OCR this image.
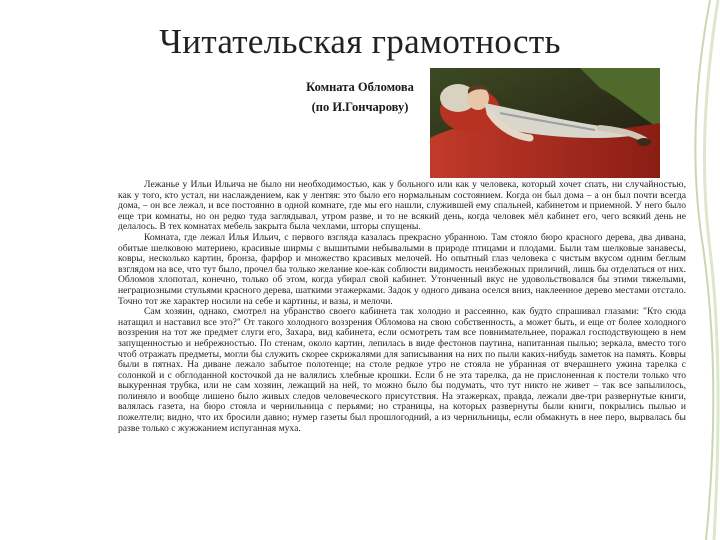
Читательская грамотность
Комната Обломова
(по И.Гончарову)

Лежанье у Ильи Ильича не было ни необходимостью, как у больного или как у человека, который хочет спать, ни случайностью, как у того, кто устал, ни наслаждением, как у лентяя: это было его нормальным состоянием. Когда он был дома – а он был почти всегда дома, – он все лежал, и все постоянно в одной комнате, где мы его нашли, служившей ему спальней, кабинетом и приемной. У него было еще три комнаты, но он редко туда заглядывал, утром разве, и то не всякий день, когда человек мёл кабинет его, чего всякий день не делалось. В тех комнатах мебель закрыта была чехлами, шторы спущены.

Комната, где лежал Илья Ильич, с первого взгляда казалась прекрасно убранною. Там стояло бюро красного дерева, два дивана, обитые шелковою материею, красивые ширмы с вышитыми небывалыми в природе птицами и плодами. Были там шелковые занавесы, ковры, несколько картин, бронза, фарфор и множество красивых мелочей. Но опытный глаз человека с чистым вкусом одним беглым взглядом на все, что тут было, прочел бы только желание кое-как соблюсти видимость неизбежных приличий, лишь бы отделаться от них. Обломов хлопотал, конечно, только об этом, когда убирал свой кабинет. Утонченный вкус не удовольствовался бы этими тяжелыми, неграциозными стульями красного дерева, шаткими этажерками. Задок у одного дивана оселся вниз, наклеенное дерево местами отстало. Точно тот же характер носили на себе и картины, и вазы, и мелочи.

Сам хозяин, однако, смотрел на убранство своего кабинета так холодно и рассеянно, как будто спрашивал глазами: "Кто сюда натащил и наставил все это?" От такого холодного воззрения Обломова на свою собственность, а может быть, и еще от более холодного воззрения на тот же предмет слуги его, Захара, вид кабинета, если осмотреть там все повнимательнее, поражал господствующею в нем запущенностью и небрежностью. По стенам, около картин, лепилась в виде фестонов паутина, напитанная пылью; зеркала, вместо того чтоб отражать предметы, могли бы служить скорее скрижалями для записывания на них по пыли каких-нибудь заметок на память. Ковры были в пятнах. На диване лежало забытое полотенце; на столе редкое утро не стояла не убранная от вчерашнего ужина тарелка с солонкой и с обглоданной косточкой да не валялись хлебные крошки. Если б не эта тарелка, да не прислоненная к постели только что выкуренная трубка, или не сам хозяин, лежащий на ней, то можно было бы подумать, что тут никто не живет – так все запылилось, полиняло и вообще лишено было живых следов человеческого присутствия. На этажерках, правда, лежали две-три развернутые книги, валялась газета, на бюро стояла и чернильница с перьями; но страницы, на которых развернуты были книги, покрылись пылью и пожелтели; видно, что их бросили давно; нумер газеты был прошлогодний, а из чернильницы, если обмакнуть в нее перо, вырвалась бы разве только с жужжанием испуганная муха.
